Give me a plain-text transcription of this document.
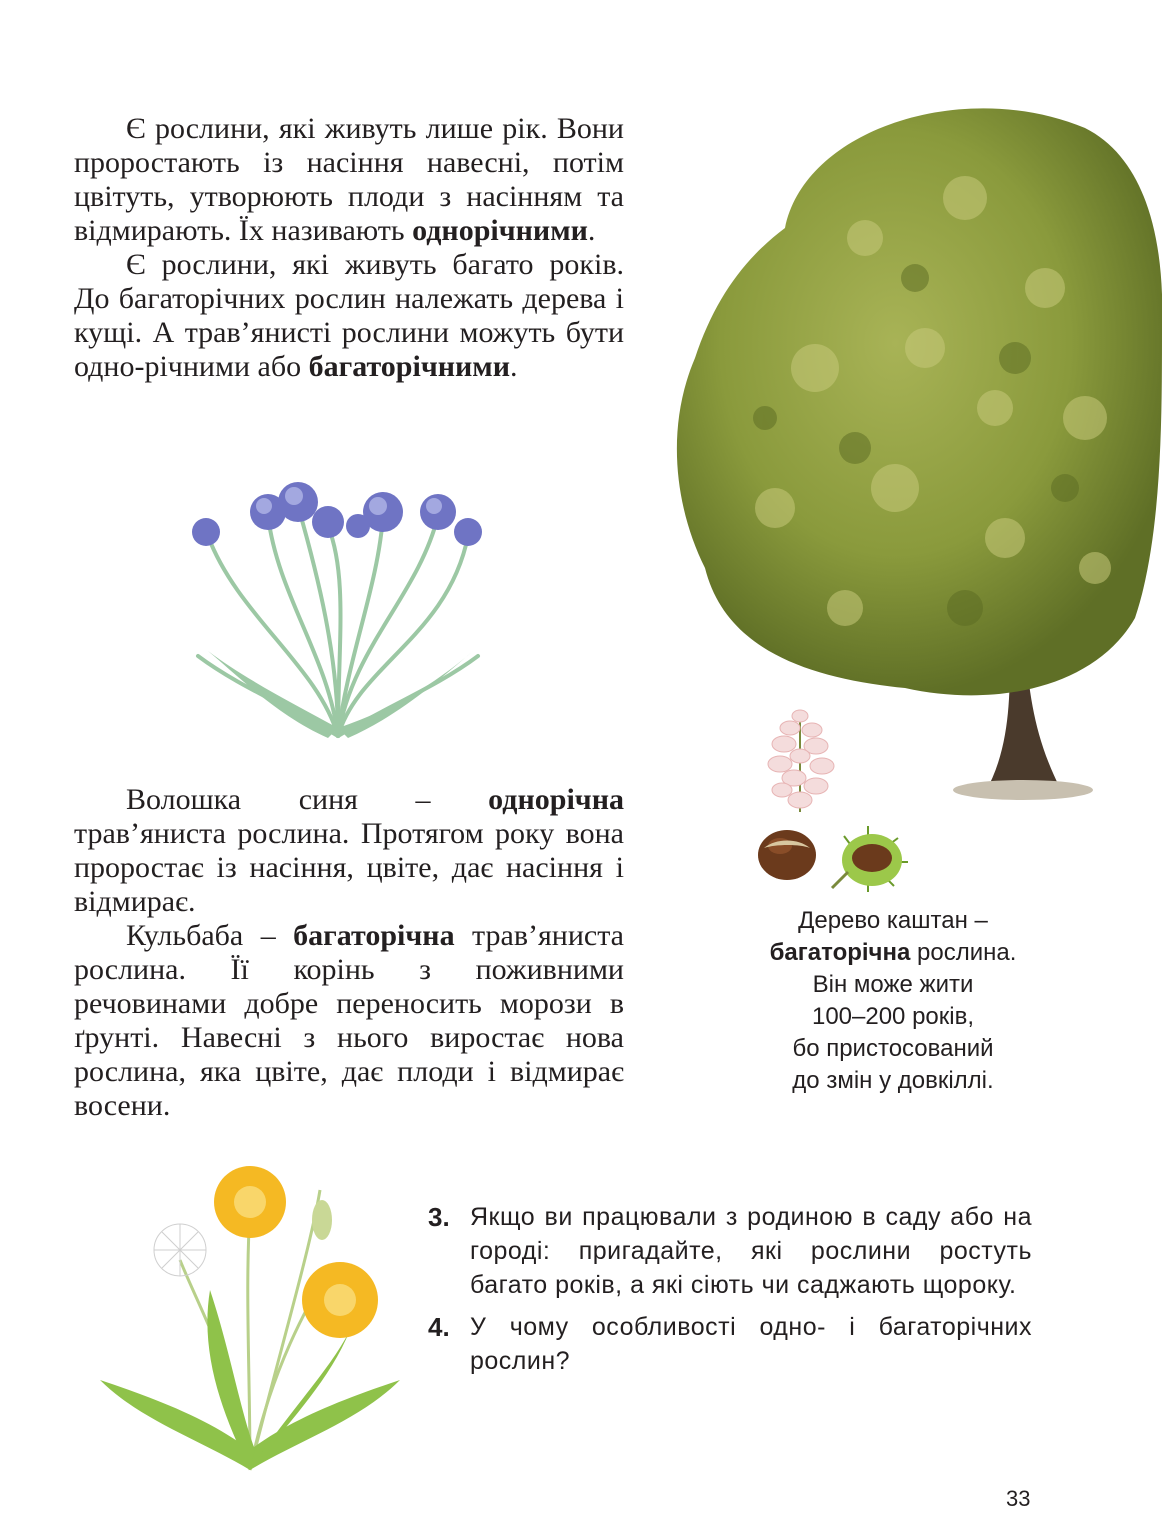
Є рослини, які живуть лише рік. Вони проростають із насіння навесні, потім цвітуть, утворюють плоди з насінням та відмирають. Їх називають однорічними.

Є рослини, які живуть багато років. До багаторічних рослин належать дерева і кущі. А трав’янисті рослини можуть бути одно-річними або багаторічними.

Волошка синя – однорічна трав’яниста рослина. Протягом року вона проростає із насіння, цвіте, дає насіння і відмирає.

Кульбаба – багаторічна трав’яниста рослина. Її корінь з поживними речовинами добре переносить морози в ґрунті. Навесні з нього виростає нова рослина, яка цвіте, дає плоди і відмирає восени.

Дерево каштан –
багаторічна рослина.
Він може жити
100–200 років,
бо пристосований
до змін у довкіллі.
3. Якщо ви працювали з родиною в саду або на городі: пригадайте, які рослини ростуть багато років, а які сіють чи саджають щороку.
4. У чому особливості одно- і багаторічних рослин?
33
